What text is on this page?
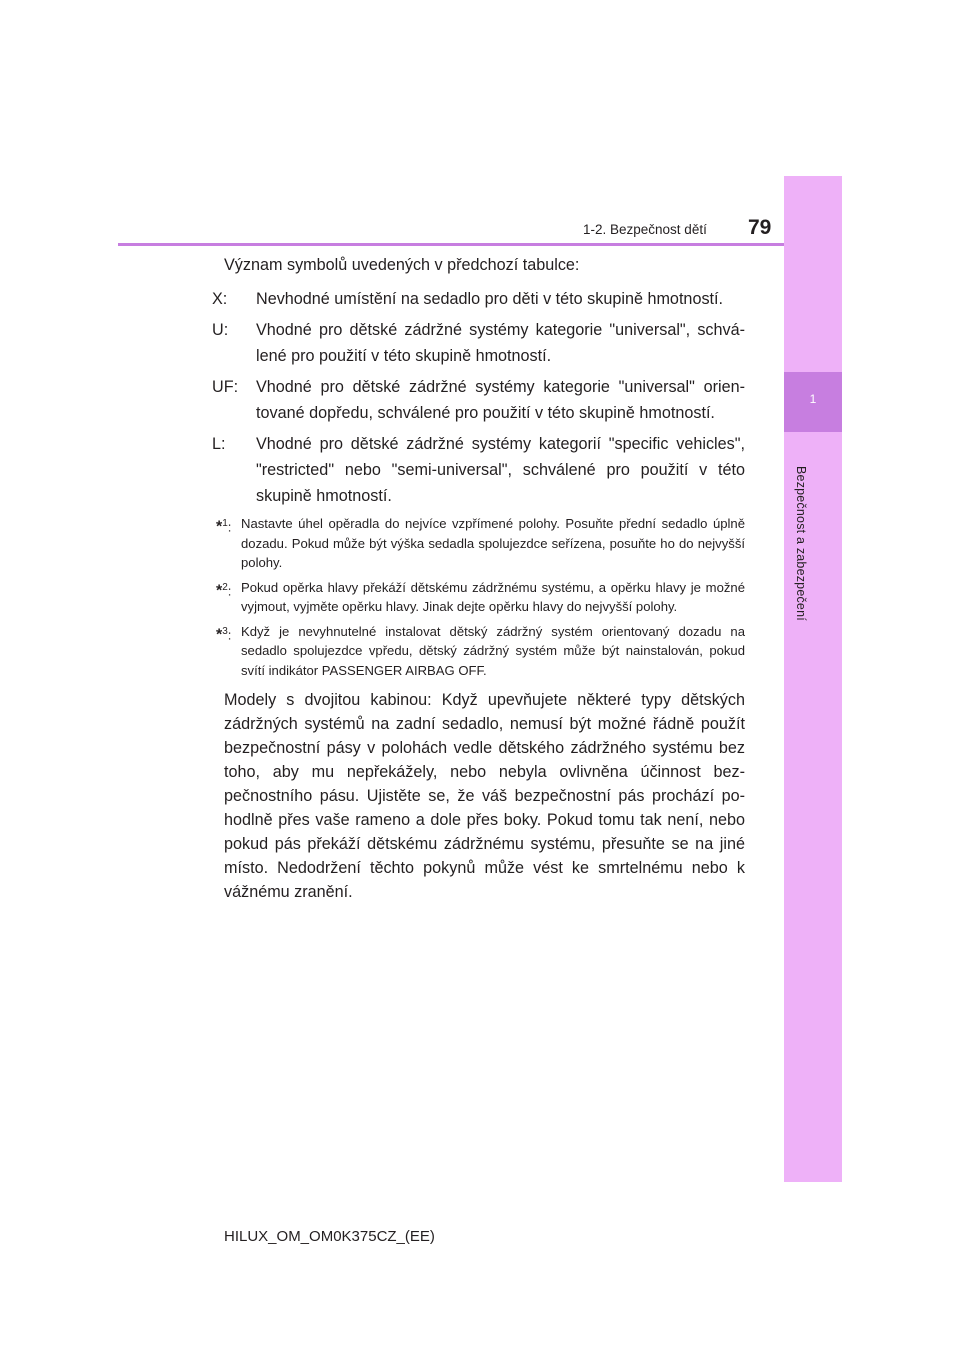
1-2. Bezpečnost dětí 79
1
Bezpečnost a zabezpečení

Význam symbolů uvedených v předchozí tabulce:

X: Nevhodné umístění na sedadlo pro děti v této skupině hmotností.
U: Vhodné pro dětské zádržné systémy kategorie "universal", schválené pro použití v této skupině hmotností.
UF: Vhodné pro dětské zádržné systémy kategorie "universal" orientované dopředu, schválené pro použití v této skupině hmotností.
L: Vhodné pro dětské zádržné systémy kategorií "specific vehicles", "restricted" nebo "semi-universal", schválené pro použití v této skupině hmotností.
*$^1$: Nastavte úhel opěradla do nejvíce vzpřímené polohy. Posuňte přední sedadlo úplně dozadu. Pokud může být výška sedadla spolujezdce seřízena, posuňte ho do nejvyšší polohy.
*$^2$: Pokud opěrka hlavy překáží dětskému zádržnému systému, a opěrku hlavy je možné vyjmout, vyjměte opěrku hlavy. Jinak dejte opěrku hlavy do nejvyšší polohy.
*$^3$: Když je nevyhnutelné instalovat dětský zádržný systém orientovaný dozadu na sedadlo spolujezdce vpředu, dětský zádržný systém může být nainstalován, pokud svítí indikátor PASSENGER AIRBAG OFF.

Modely s dvojitou kabinou: Když upevňujete některé typy dětských zádržných systémů na zadní sedadlo, nemusí být možné řádně použít bezpečnostní pásy v polohách vedle dětského zádržného systému bez toho, aby mu nepřekážely, nebo nebyla ovlivněna účinnost bezpečnostního pásu. Ujistěte se, že váš bezpečnostní pás prochází pohodlně přes vaše rameno a dole přes boky. Pokud tomu tak není, nebo pokud pás překáží dětskému zádržnému systému, přesuňte se na jiné místo. Nedodržení těchto pokynů může vést ke smrtelnému nebo k vážnému zranění.

HILUX_OM_OM0K375CZ_(EE)
